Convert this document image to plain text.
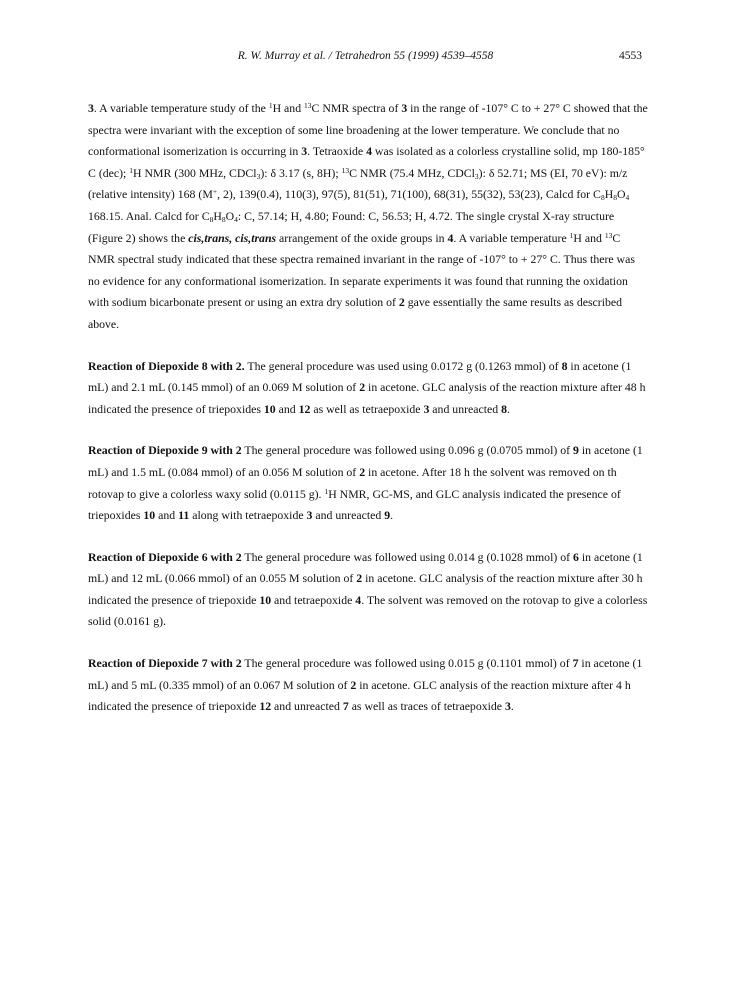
R. W. Murray et al. / Tetrahedron 55 (1999) 4539–4558	4553

3. A variable temperature study of the $^1$H and $^{13}$C NMR spectra of 3 in the range of -107° C to + 27° C showed that the spectra were invariant with the exception of some line broadening at the lower temperature. We conclude that no conformational isomerization is occurring in 3. Tetraoxide 4 was isolated as a colorless crystalline solid, mp 180-185° C (dec); $^1$H NMR (300 MHz, CDCl$_3$): δ 3.17 (s, 8H); $^{13}$C NMR (75.4 MHz, CDCl$_3$): δ 52.71; MS (EI, 70 eV): m/z (relative intensity) 168 (M+, 2), 139(0.4), 110(3), 97(5), 81(51), 71(100), 68(31), 55(32), 53(23), Calcd for $C_8H_8O_4$ 168.15. Anal. Calcd for $C_8H_8O_4$: C, 57.14; H, 4.80; Found: C, 56.53; H, 4.72. The single crystal X-ray structure (Figure 2) shows the cis,trans, cis,trans arrangement of the oxide groups in 4. A variable temperature $^1$H and $^{13}$C NMR spectral study indicated that these spectra remained invariant in the range of -107° to + 27° C. Thus there was no evidence for any conformational isomerization. In separate experiments it was found that running the oxidation with sodium bicarbonate present or using an extra dry solution of 2 gave essentially the same results as described above.

Reaction of Diepoxide 8 with 2. The general procedure was used using 0.0172 g (0.1263 mmol) of 8 in acetone (1 mL) and 2.1 mL (0.145 mmol) of an 0.069 M solution of 2 in acetone. GLC analysis of the reaction mixture after 48 h indicated the presence of triepoxides 10 and 12 as well as tetraepoxide 3 and unreacted 8.

Reaction of Diepoxide 9 with 2 The general procedure was followed using 0.096 g (0.0705 mmol) of 9 in acetone (1 mL) and 1.5 mL (0.084 mmol) of an 0.056 M solution of 2 in acetone. After 18 h the solvent was removed on th rotovap to give a colorless waxy solid (0.0115 g). $^1$H NMR, GC-MS, and GLC analysis indicated the presence of triepoxides 10 and 11 along with tetraepoxide 3 and unreacted 9.

Reaction of Diepoxide 6 with 2 The general procedure was followed using 0.014 g (0.1028 mmol) of 6 in acetone (1 mL) and 12 mL (0.066 mmol) of an 0.055 M solution of 2 in acetone. GLC analysis of the reaction mixture after 30 h indicated the presence of triepoxide 10 and tetraepoxide 4. The solvent was removed on the rotovap to give a colorless solid (0.0161 g).

Reaction of Diepoxide 7 with 2 The general procedure was followed using 0.015 g (0.1101 mmol) of 7 in acetone (1 mL) and 5 mL (0.335 mmol) of an 0.067 M solution of 2 in acetone. GLC analysis of the reaction mixture after 4 h indicated the presence of triepoxide 12 and unreacted 7 as well as traces of tetraepoxide 3.
